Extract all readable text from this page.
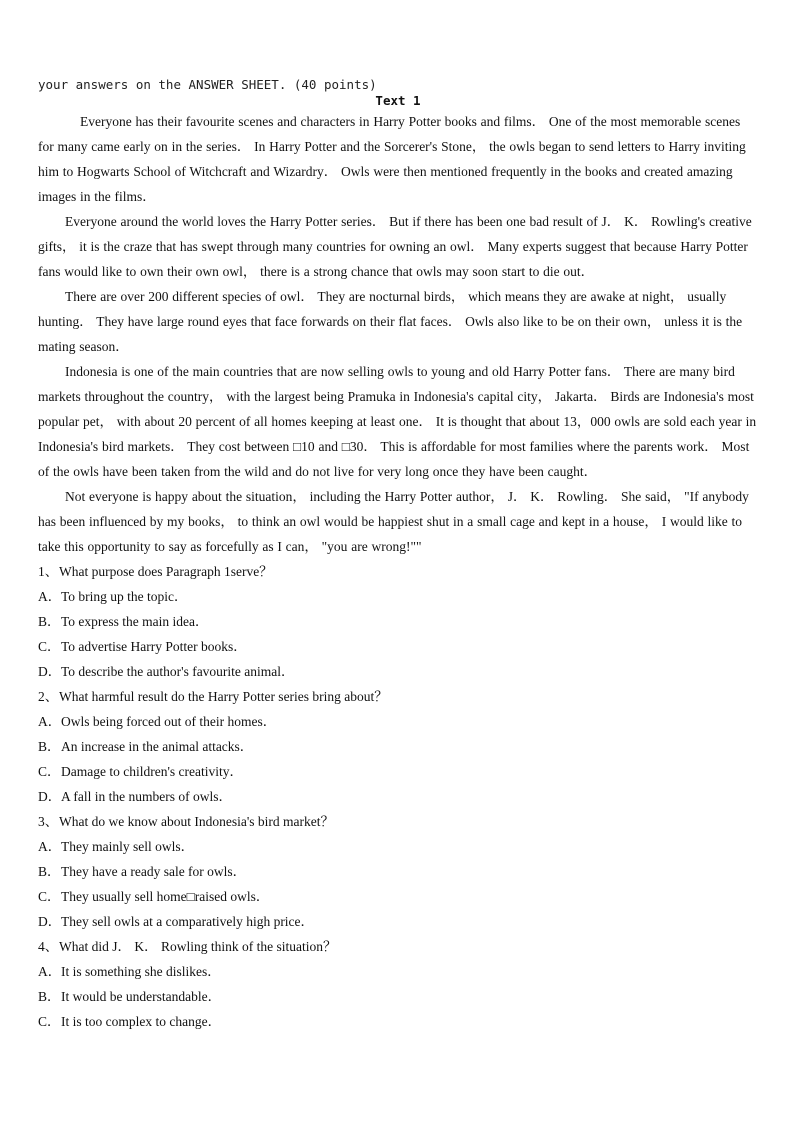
your answers on the ANSWER SHEET. (40 points)

Text 1

Everyone has their favourite scenes and characters in Harry Potter books and films． One of the most memorable scenes for many came early on in the series． In Harry Potter and the Sorcerer's Stone， the owls began to send letters to Harry inviting him to Hogwarts School of Witchcraft and Wizardry． Owls were then mentioned frequently in the books and created amazing images in the films．

Everyone around the world loves the Harry Potter series． But if there has been one bad result of J． K． Rowling's creative gifts， it is the craze that has swept through many countries for owning an owl． Many experts suggest that because Harry Potter fans would like to own their own owl， there is a strong chance that owls may soon start to die out．

There are over 200 different species of owl． They are nocturnal birds， which means they are awake at night， usually hunting． They have large round eyes that face forwards on their flat faces． Owls also like to be on their own， unless it is the mating season．

Indonesia is one of the main countries that are now selling owls to young and old Harry Potter fans． There are many bird markets throughout the country， with the largest being Pramuka in Indonesia's capital city， Jakarta． Birds are Indonesia's most popular pet， with about 20 percent of all homes keeping at least one． It is thought that about 13，000 owls are sold each year in Indonesia's bird markets． They cost between □10 and □30． This is affordable for most families where the parents work． Most of the owls have been taken from the wild and do not live for very long once they have been caught．

Not everyone is happy about the situation， including the Harry Potter author， J． K． Rowling． She said， "If anybody has been influenced by my books， to think an owl would be happiest shut in a small cage and kept in a house， I would like to take this opportunity to say as forcefully as I can， "you are wrong!""

1、What purpose does Paragraph 1serve？

A．To bring up the topic．

B．To express the main idea．

C．To advertise Harry Potter books．

D．To describe the author's favourite animal．

2、What harmful result do the Harry Potter series bring about？

A．Owls being forced out of their homes．

B．An increase in the animal attacks．

C．Damage to children's creativity．

D．A fall in the numbers of owls．

3、What do we know about Indonesia's bird market？

A．They mainly sell owls．

B．They have a ready sale for owls．

C．They usually sell home□raised owls．

D．They sell owls at a comparatively high price．

4、What did J． K． Rowling think of the situation？

A．It is something she dislikes．

B．It would be understandable．

C．It is too complex to change．
